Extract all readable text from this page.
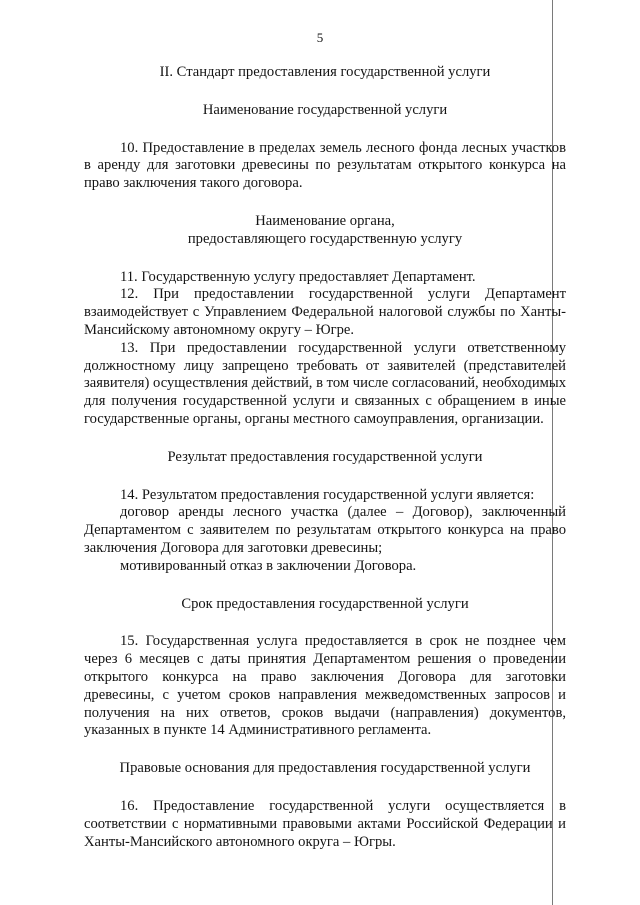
5

II. Стандарт предоставления государственной услуги

Наименование государственной услуги

10. Предоставление в пределах земель лесного фонда лесных участков в аренду для заготовки древесины по результатам открытого конкурса на право заключения такого договора.

Наименование органа,
предоставляющего государственную услугу

11. Государственную услугу предоставляет Департамент.

12. При предоставлении государственной услуги Департамент взаимодействует с Управлением Федеральной налоговой службы по Ханты-Мансийскому автономному округу – Югре.

13. При предоставлении государственной услуги ответственному должностному лицу запрещено требовать от заявителей (представителей заявителя) осуществления действий, в том числе согласований, необходимых для получения государственной услуги и связанных с обращением в иные государственные органы, органы местного самоуправления, организации.

Результат предоставления государственной услуги

14. Результатом предоставления государственной услуги является:

договор аренды лесного участка (далее – Договор), заключенный Департаментом с заявителем по результатам открытого конкурса на право заключения Договора для заготовки древесины;

мотивированный отказ в заключении Договора.

Срок предоставления государственной услуги

15. Государственная услуга предоставляется в срок не позднее чем через 6 месяцев с даты принятия Департаментом решения о проведении открытого конкурса на право заключения Договора для заготовки древесины, с учетом сроков направления межведомственных запросов и получения на них ответов, сроков выдачи (направления) документов, указанных в пункте 14 Административного регламента.

Правовые основания для предоставления государственной услуги

16. Предоставление государственной услуги осуществляется в соответствии с нормативными правовыми актами Российской Федерации и Ханты-Мансийского автономного округа – Югры.
